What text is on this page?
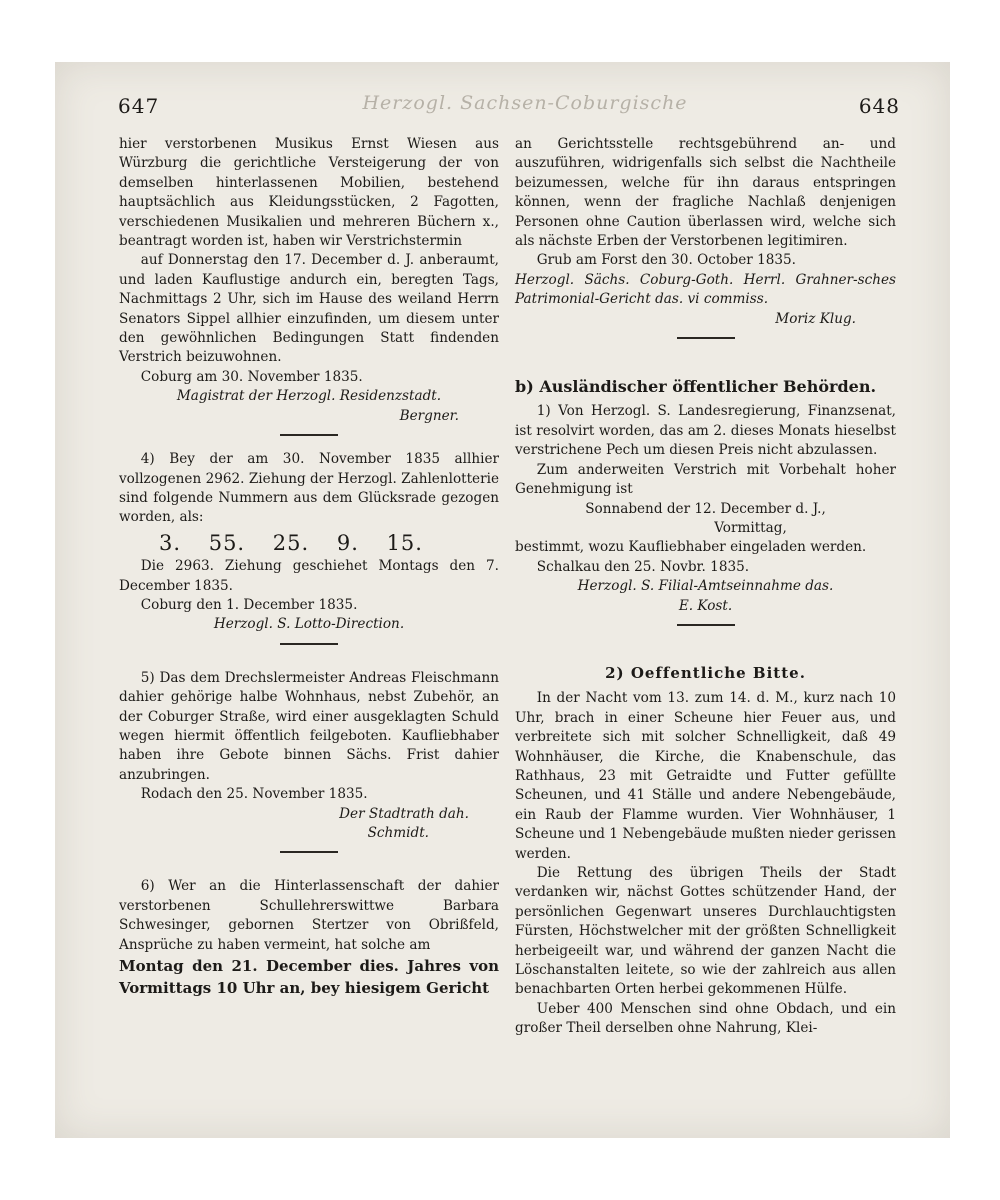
647	Herzogl. Sachsen-Coburgische	648

hier verstorbenen Musikus Ernst Wiesen aus Würzburg die gerichtliche Versteigerung der von demselben hinterlassenen Mobilien, bestehend hauptsächlich aus Kleidungsstücken, 2 Fagotten, verschiedenen Musikalien und mehreren Büchern x., beantragt worden ist, haben wir Verstrichstermin

auf Donnerstag den 17. December d. J. anberaumt, und laden Kauflustige andurch ein, beregten Tags, Nachmittags 2 Uhr, sich im Hause des weiland Herrn Senators Sippel allhier einzufinden, um diesem unter den gewöhnlichen Bedingungen Statt findenden Verstrich beizuwohnen.

Coburg am 30. November 1835.

Magistrat der Herzogl. Residenzstadt.

Bergner.

4) Bey der am 30. November 1835 allhier vollzogenen 2962. Ziehung der Herzogl. Zahlenlotterie sind folgende Nummern aus dem Glücksrade gezogen worden, als:

3. 55. 25. 9. 15.

Die 2963. Ziehung geschiehet Montags den 7. December 1835.

Coburg den 1. December 1835.

Herzogl. S. Lotto-Direction.

5) Das dem Drechslermeister Andreas Fleischmann dahier gehörige halbe Wohnhaus, nebst Zubehör, an der Coburger Straße, wird einer ausgeklagten Schuld wegen hiermit öffentlich feilgeboten. Kaufliebhaber haben ihre Gebote binnen Sächs. Frist dahier anzubringen.

Rodach den 25. November 1835.

Der Stadtrath dah.

Schmidt.

6) Wer an die Hinterlassenschaft der dahier verstorbenen Schullehrerswittwe Barbara Schwesinger, gebornen Stertzer von Obrißfeld, Ansprüche zu haben vermeint, hat solche am

Montag den 21. December dies. Jahres von Vormittags 10 Uhr an, bey hiesigem Gericht

an Gerichtsstelle rechtsgebührend an- und auszuführen, widrigenfalls sich selbst die Nachtheile beizumessen, welche für ihn daraus entspringen können, wenn der fragliche Nachlaß denjenigen Personen ohne Caution überlassen wird, welche sich als nächste Erben der Verstorbenen legitimiren.

Grub am Forst den 30. October 1835.

Herzogl. Sächs. Coburg-Goth. Herrl. Grahner-sches Patrimonial-Gericht das. vi commiss.

Moriz Klug.

b) Ausländischer öffentlicher Behörden.

1) Von Herzogl. S. Landesregierung, Finanzsenat, ist resolvirt worden, das am 2. dieses Monats hieselbst verstrichene Pech um diesen Preis nicht abzulassen.

Zum anderweiten Verstrich mit Vorbehalt hoher Genehmigung ist

Sonnabend der 12. December d. J.,

Vormittag,

bestimmt, wozu Kaufliebhaber eingeladen werden.

Schalkau den 25. Novbr. 1835.

Herzogl. S. Filial-Amtseinnahme das.

E. Kost.

2) Oeffentliche Bitte.

In der Nacht vom 13. zum 14. d. M., kurz nach 10 Uhr, brach in einer Scheune hier Feuer aus, und verbreitete sich mit solcher Schnelligkeit, daß 49 Wohnhäuser, die Kirche, die Knabenschule, das Rathhaus, 23 mit Getraidte und Futter gefüllte Scheunen, und 41 Ställe und andere Nebengebäude, ein Raub der Flamme wurden. Vier Wohnhäuser, 1 Scheune und 1 Nebengebäude mußten nieder gerissen werden.

Die Rettung des übrigen Theils der Stadt verdanken wir, nächst Gottes schützender Hand, der persönlichen Gegenwart unseres Durchlauchtigsten Fürsten, Höchstwelcher mit der größten Schnelligkeit herbeigeeilt war, und während der ganzen Nacht die Löschanstalten leitete, so wie der zahlreich aus allen benachbarten Orten herbei gekommenen Hülfe.

Ueber 400 Menschen sind ohne Obdach, und ein großer Theil derselben ohne Nahrung, Klei-
